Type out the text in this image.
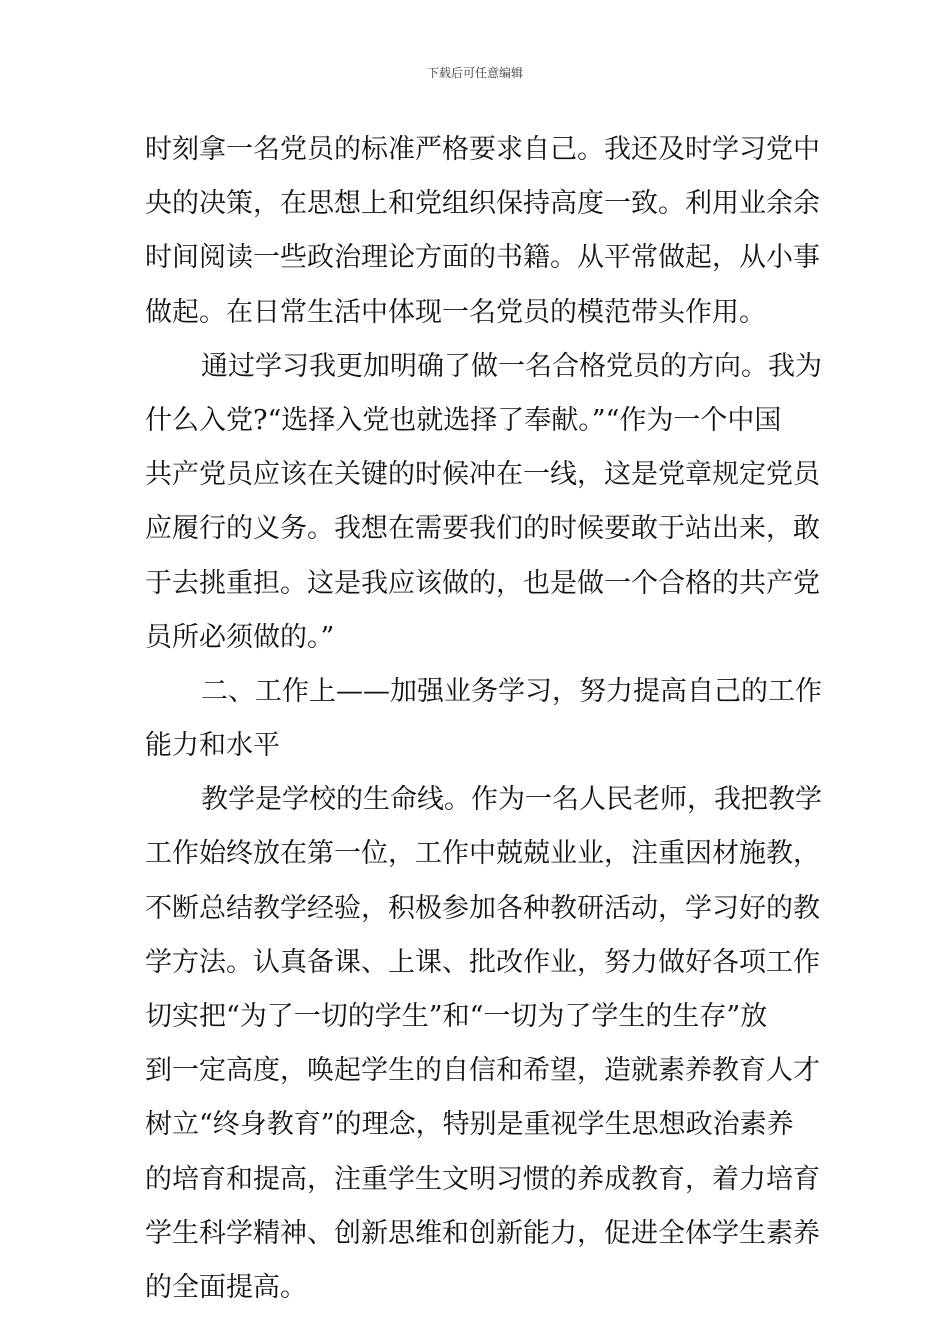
下载后可任意编辑
时刻拿一名党员的标准严格要求自己。我还及时学习党中
央的决策，在思想上和党组织保持高度一致。利用业余余
时间阅读一些政治理论方面的书籍。从平常做起，从小事
做起。在日常生活中体现一名党员的模范带头作用。
通过学习我更加明确了做一名合格党员的方向。我为
什么入党?“选择入党也就选择了奉献。”“作为一个中国
共产党员应该在关键的时候冲在一线，这是党章规定党员
应履行的义务。我想在需要我们的时候要敢于站出来，敢
于去挑重担。这是我应该做的，也是做一个合格的共产党
员所必须做的。”
二、工作上——加强业务学习，努力提高自己的工作
能力和水平
教学是学校的生命线。作为一名人民老师，我把教学
工作始终放在第一位，工作中兢兢业业，注重因材施教，
不断总结教学经验，积极参加各种教研活动，学习好的教
学方法。认真备课、上课、批改作业，努力做好各项工作
切实把“为了一切的学生”和“一切为了学生的生存”放
到一定高度，唤起学生的自信和希望，造就素养教育人才
树立“终身教育”的理念，特别是重视学生思想政治素养
的培育和提高，注重学生文明习惯的养成教育，着力培育
学生科学精神、创新思维和创新能力，促进全体学生素养
的全面提高。
